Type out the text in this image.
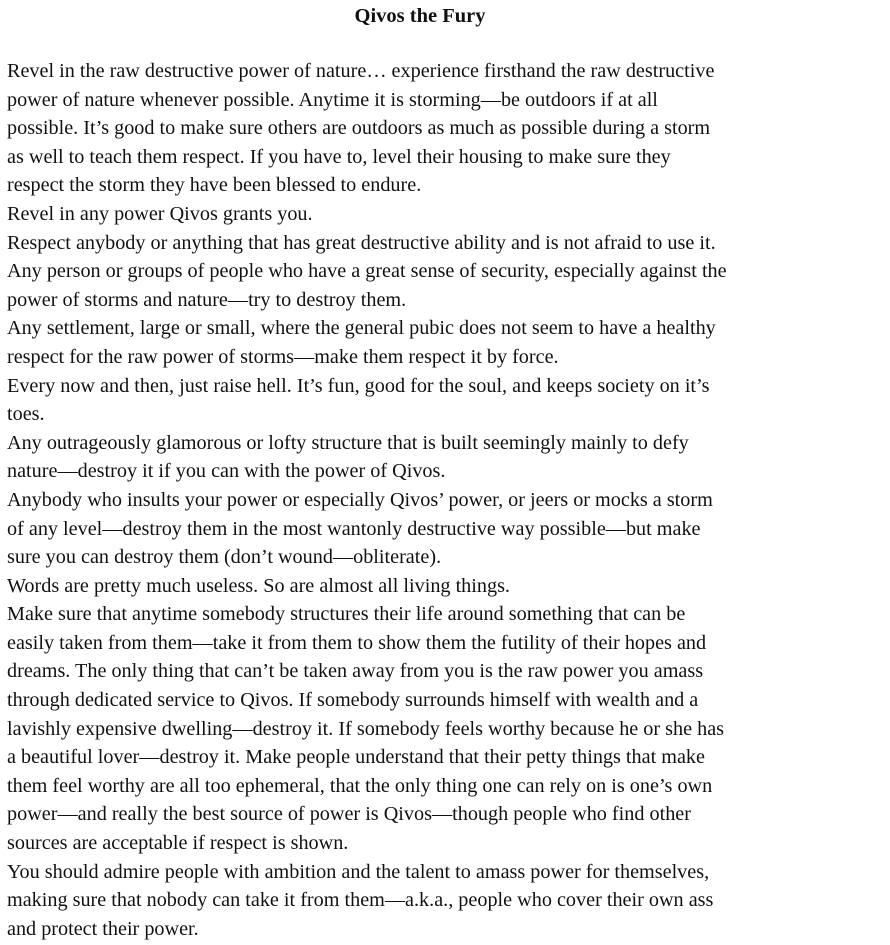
Qivos the Fury
Revel in the raw destructive power of nature… experience firsthand the raw destructive
power of nature whenever possible. Anytime it is storming—be outdoors if at all
possible. It’s good to make sure others are outdoors as much as possible during a storm
as well to teach them respect. If you have to, level their housing to make sure they
respect the storm they have been blessed to endure.
Revel in any power Qivos grants you.
Respect anybody or anything that has great destructive ability and is not afraid to use it.
Any person or groups of people who have a great sense of security, especially against the
power of storms and nature—try to destroy them.
Any settlement, large or small, where the general pubic does not seem to have a healthy
respect for the raw power of storms—make them respect it by force.
Every now and then, just raise hell. It’s fun, good for the soul, and keeps society on it’s
toes.
Any outrageously glamorous or lofty structure that is built seemingly mainly to defy
nature—destroy it if you can with the power of Qivos.
Anybody who insults your power or especially Qivos’ power, or jeers or mocks a storm
of any level—destroy them in the most wantonly destructive way possible—but make
sure you can destroy them (don’t wound—obliterate).
Words are pretty much useless. So are almost all living things.
Make sure that anytime somebody structures their life around something that can be
easily taken from them—take it from them to show them the futility of their hopes and
dreams. The only thing that can’t be taken away from you is the raw power you amass
through dedicated service to Qivos. If somebody surrounds himself with wealth and a
lavishly expensive dwelling—destroy it. If somebody feels worthy because he or she has
a beautiful lover—destroy it. Make people understand that their petty things that make
them feel worthy are all too ephemeral, that the only thing one can rely on is one’s own
power—and really the best source of power is Qivos—though people who find other
sources are acceptable if respect is shown.
You should admire people with ambition and the talent to amass power for themselves,
making sure that nobody can take it from them—a.k.a., people who cover their own ass
and protect their power.
